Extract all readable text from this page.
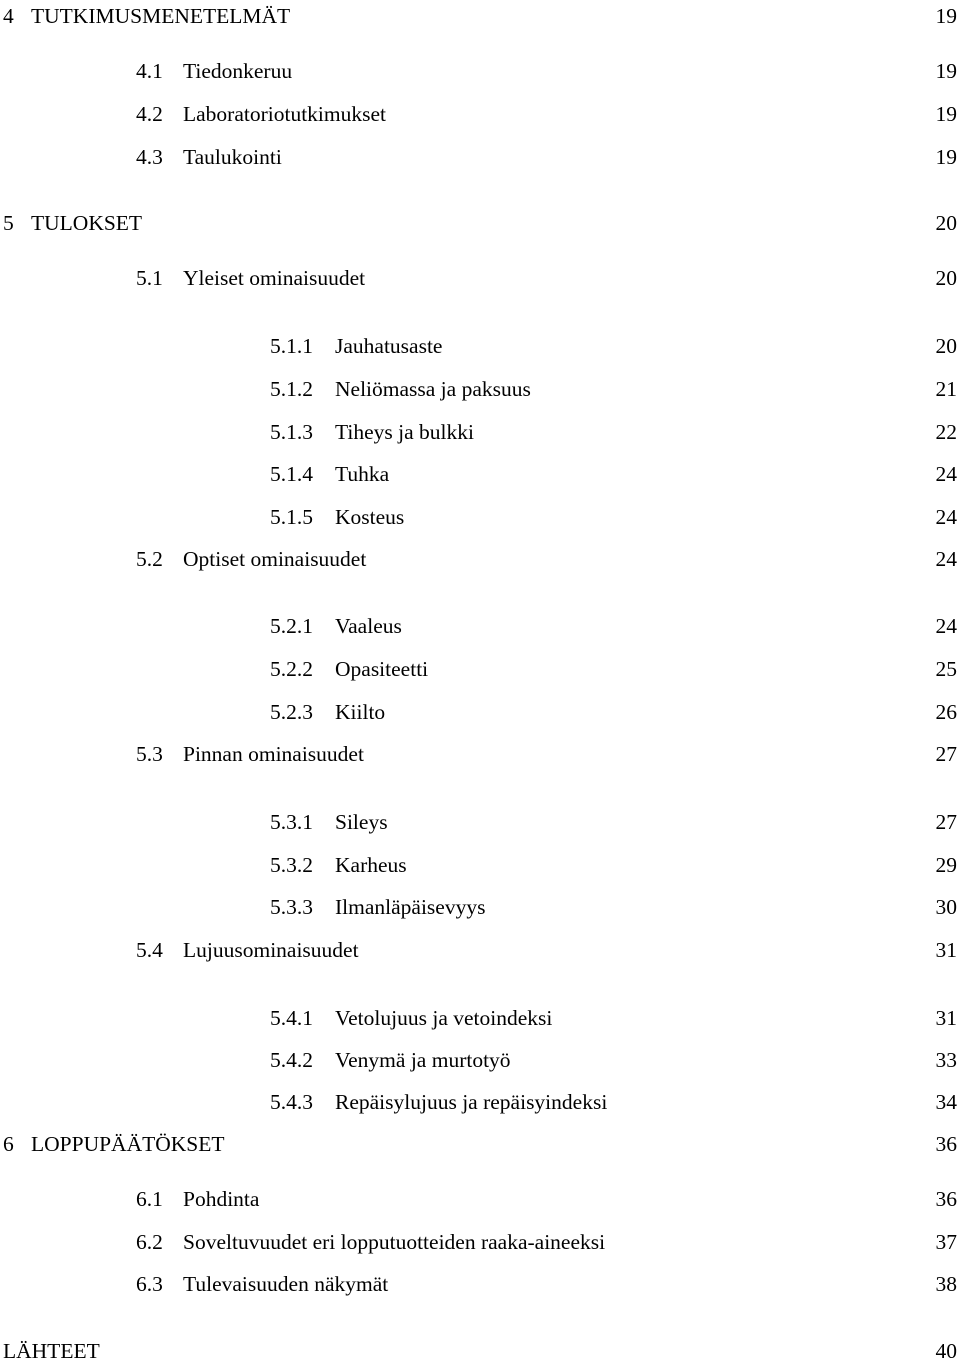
4 TUTKIMUSMENETELMÄT	19
4.1 Tiedonkeruu	19
4.2 Laboratoriotutkimukset	19
4.3 Taulukointi	19
5 TULOKSET	20
5.1 Yleiset ominaisuudet	20
5.1.1 Jauhatusaste	20
5.1.2 Neliömassa ja paksuus	21
5.1.3 Tiheys ja bulkki	22
5.1.4 Tuhka	24
5.1.5 Kosteus	24
5.2 Optiset ominaisuudet	24
5.2.1 Vaaleus	24
5.2.2 Opasiteetti	25
5.2.3 Kiilto	26
5.3 Pinnan ominaisuudet	27
5.3.1 Sileys	27
5.3.2 Karheus	29
5.3.3 Ilmanläpäisevyys	30
5.4 Lujuusominaisuudet	31
5.4.1 Vetolujuus ja vetoindeksi	31
5.4.2 Venymä ja murtotyö	33
5.4.3 Repäisylujuus ja repäisyindeksi	34
6 LOPPUPÄÄTÖKSET	36
6.1 Pohdinta	36
6.2 Soveltuvuudet eri lopputuotteiden raaka-aineeksi	37
6.3 Tulevaisuuden näkymät	38
LÄHTEET	40
